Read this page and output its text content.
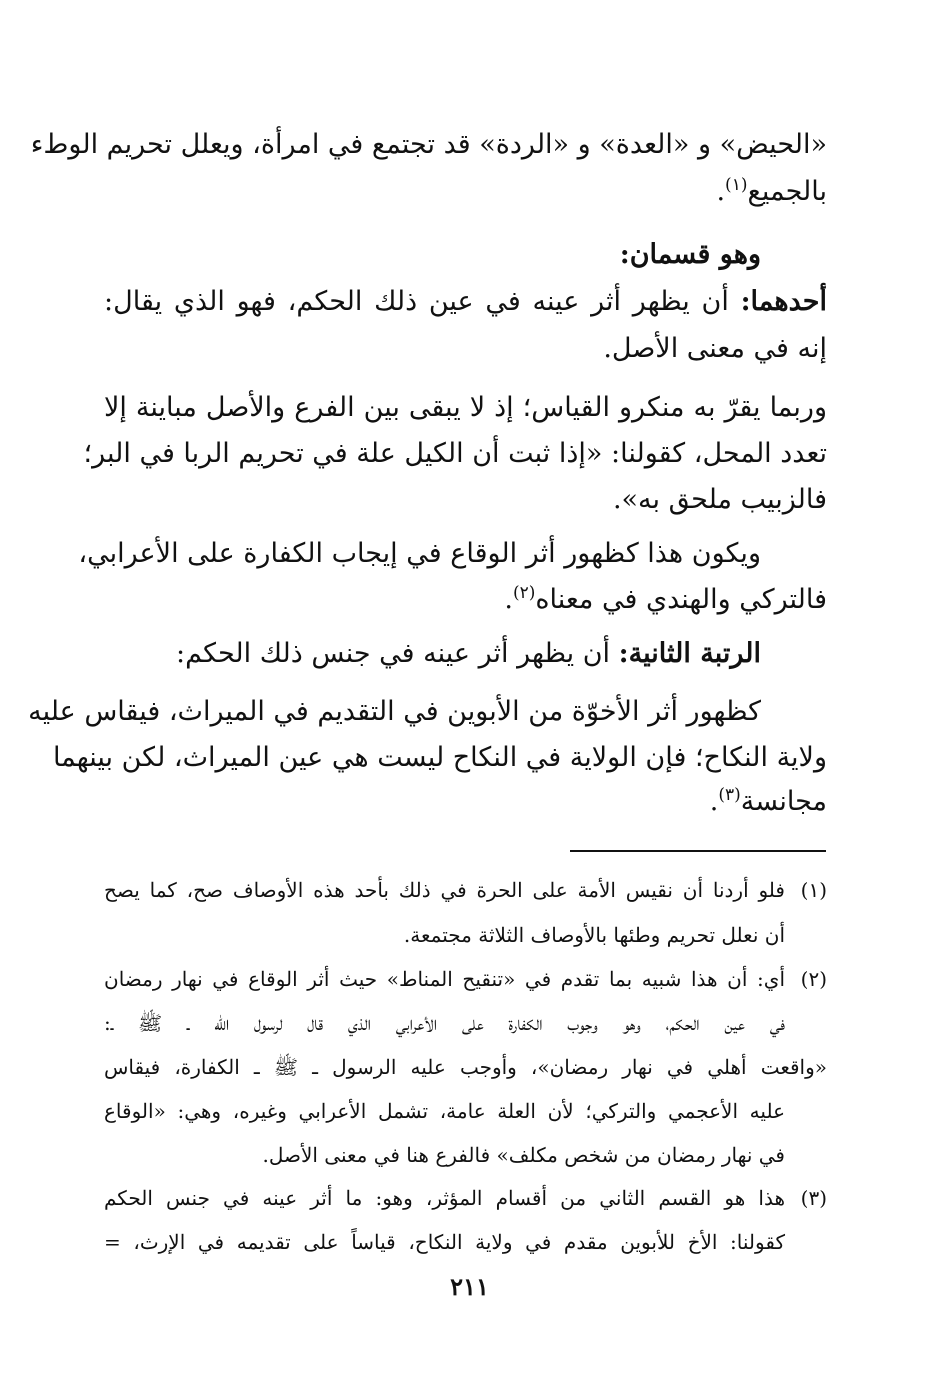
«الحيض» و «العدة» و «الردة» قد تجتمع في امرأة، ويعلل تحريم الوطء
بالجميع$^{(١)}$.
وهو قسمان:
أحدهما: أن يظهر أثر عينه في عين ذلك الحكم، فهو الذي يقال:
إنه في معنى الأصل.
وربما يقرّ به منكرو القياس؛ إذ لا يبقى بين الفرع والأصل مباينة إلا
تعدد المحل، كقولنا: «إذا ثبت أن الكيل علة في تحريم الربا في البر؛
فالزبيب ملحق به».
ويكون هذا كظهور أثر الوقاع في إيجاب الكفارة على الأعرابي،
فالتركي والهندي في معناه$^{(٢)}$.
الرتبة الثانية: أن يظهر أثر عينه في جنس ذلك الحكم:
كظهور أثر الأخوّة من الأبوين في التقديم في الميراث، فيقاس عليه
ولاية النكاح؛ فإن الولاية في النكاح ليست هي عين الميراث، لكن بينهما
مجانسة$^{(٣)}$.
(١)
فلو أردنا أن نقيس الأمة على الحرة في ذلك بأحد هذه الأوصاف صح، كما يصح
أن نعلل تحريم وطئها بالأوصاف الثلاثة مجتمعة.
(٢)
أي: أن هذا شبيه بما تقدم في «تنقيح المناط» حيث أثر الوقاع في نهار رمضان
في عين الحكم، وهو وجوب الكفارة على الأعرابي الذي قال لرسول الله ـ ﷺ ـ:
«واقعت أهلي في نهار رمضان»، وأوجب عليه الرسول ـ ﷺ ـ الكفارة، فيقاس
عليه الأعجمي والتركي؛ لأن العلة عامة، تشمل الأعرابي وغيره، وهي: «الوقاع
في نهار رمضان من شخص مكلف» فالفرع هنا في معنى الأصل.
(٣)
هذا هو القسم الثاني من أقسام المؤثر، وهو: ما أثر عينه في جنس الحكم
كقولنا: الأخ للأبوين مقدم في ولاية النكاح، قياساً على تقديمه في الإرث، =
٢١١
